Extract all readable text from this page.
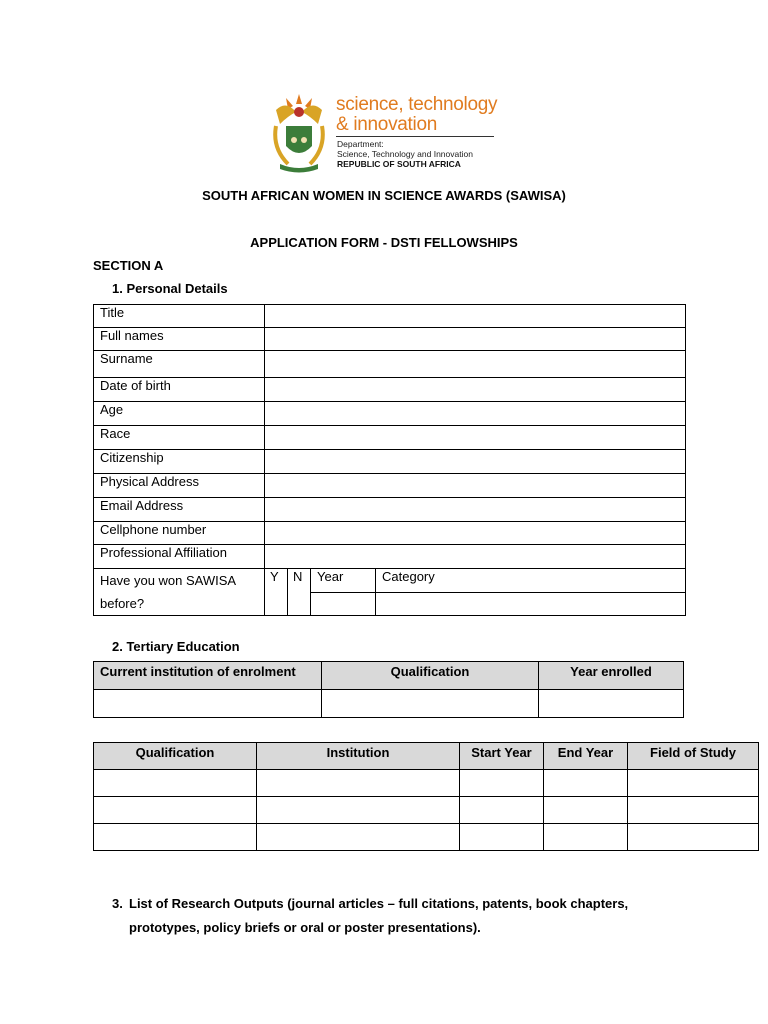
science, technology
& innovation
Department:
Science, Technology and Innovation
REPUBLIC OF SOUTH AFRICA
SOUTH AFRICAN WOMEN IN SCIENCE AWARDS (SAWISA)
APPLICATION FORM - DSTI FELLOWSHIPS
SECTION A
1. Personal Details
Title				
Full names				
Surname				
Date of birth				
Age				
Race				
Citizenship				
Physical Address				
Email Address				
Cellphone number				
Professional Affiliation				

Have you won SAWISA
before?	Y	N	Year	Category

2. Tertiary Education
Current institution of enrolment	Qualification	Year enrolled

Qualification	Institution	Start Year	End Year	Field of Study

3. List of Research Outputs (journal articles – full citations, patents, book chapters,
prototypes, policy briefs or oral or poster presentations).
